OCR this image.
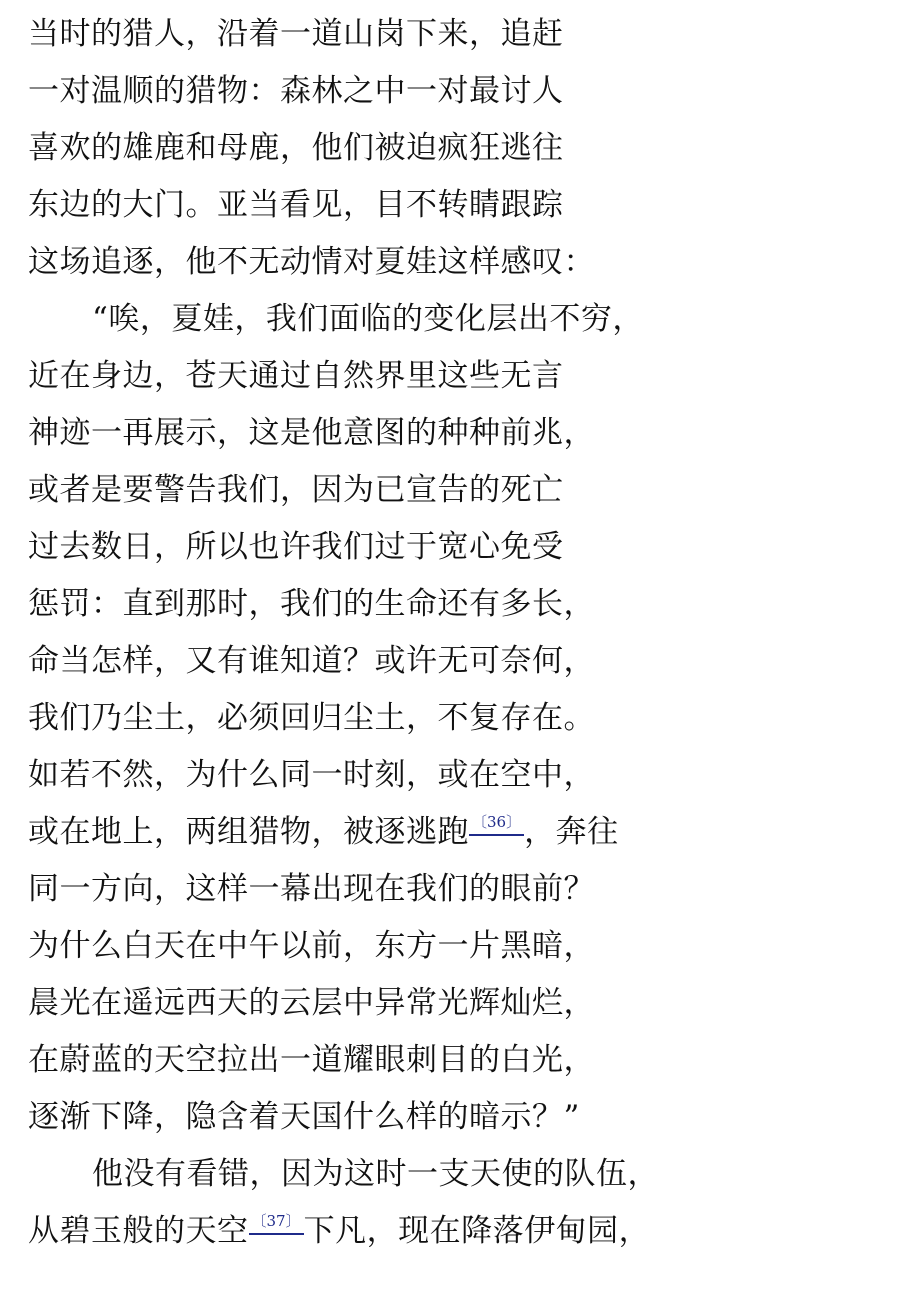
当时的猎人，沿着一道山岗下来，追赶
一对温顺的猎物：森林之中一对最讨人
喜欢的雄鹿和母鹿，他们被迫疯狂逃往
东边的大门。亚当看见，目不转睛跟踪
这场追逐，他不无动情对夏娃这样感叹：
“唉，夏娃，我们面临的变化层出不穷，
近在身边，苍天通过自然界里这些无言
神迹一再展示，这是他意图的种种前兆，
或者是要警告我们，因为已宣告的死亡
过去数日，所以也许我们过于宽心免受
惩罚：直到那时，我们的生命还有多长，
命当怎样，又有谁知道？或许无可奈何，
我们乃尘土，必须回归尘土，不复存在。
如若不然，为什么同一时刻，或在空中，
或在地上，两组猎物，被逐逃跑 〔36〕，奔往
同一方向，这样一幕出现在我们的眼前？
为什么白天在中午以前，东方一片黑暗，
晨光在遥远西天的云层中异常光辉灿烂，
在蔚蓝的天空拉出一道耀眼刺目的白光，
逐渐下降，隐含着天国什么样的暗示？”
他没有看错，因为这时一支天使的队伍，
从碧玉般的天空 〔37〕下凡，现在降落伊甸园，
